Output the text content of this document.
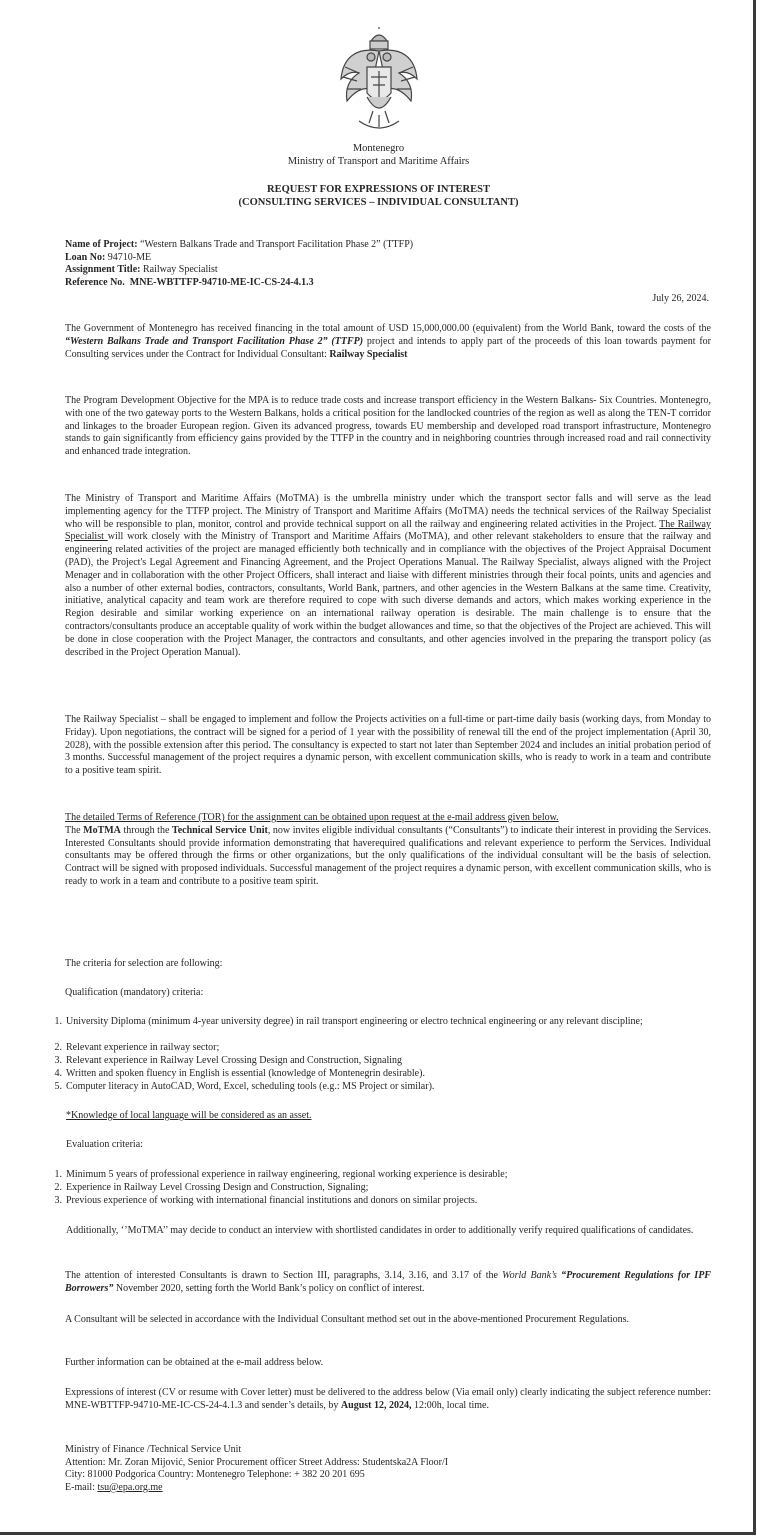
Montenegro
Ministry of Transport and Maritime Affairs
REQUEST FOR EXPRESSIONS OF INTEREST
(CONSULTING SERVICES – INDIVIDUAL CONSULTANT)
Name of Project: “Western Balkans Trade and Transport Facilitation Phase 2” (TTFP)
Loan No: 94710-ME
Assignment Title: Railway Specialist
Reference No. MNE-WBTTFP-94710-ME-IC-CS-24-4.1.3
July 26, 2024.
The Government of Montenegro has received financing in the total amount of USD 15,000,000.00 (equivalent) from the World Bank, toward the costs of the “Western Balkans Trade and Transport Facilitation Phase 2” (TTFP) project and intends to apply part of the proceeds of this loan towards payment for Consulting services under the Contract for Individual Consultant: Railway Specialist
The Program Development Objective for the MPA is to reduce trade costs and increase transport efficiency in the Western Balkans- Six Countries. Montenegro, with one of the two gateway ports to the Western Balkans, holds a critical position for the landlocked countries of the region as well as along the TEN-T corridor and linkages to the broader European region. Given its advanced progress, towards EU membership and developed road transport infrastructure, Montenegro stands to gain significantly from efficiency gains provided by the TTFP in the country and in neighboring countries through increased road and rail connectivity and enhanced trade integration.
The Ministry of Transport and Maritime Affairs (MoTMA) is the umbrella ministry under which the transport sector falls and will serve as the lead implementing agency for the TTFP project. The Ministry of Transport and Maritime Affairs (MoTMA) needs the technical services of the Railway Specialist who will be responsible to plan, monitor, control and provide technical support on all the railway and engineering related activities in the Project. The Railway Specialist will work closely with the Ministry of Transport and Maritime Affairs (MoTMA), and other relevant stakeholders to ensure that the railway and engineering related activities of the project are managed efficiently both technically and in compliance with the objectives of the Project Appraisal Document (PAD), the Project's Legal Agreement and Financing Agreement, and the Project Operations Manual. The Railway Specialist, always aligned with the Project Menager and in collaboration with the other Project Officers, shall interact and liaise with different ministries through their focal points, units and agencies and also a number of other external bodies, contractors, consultants, World Bank, partners, and other agencies in the Western Balkans at the same time. Creativity, initiative, analytical capacity and team work are therefore required to cope with such diverse demands and actors, which makes working experience in the Region desirable and similar working experience on an international railway operation is desirable. The main challenge is to ensure that the contractors/consultants produce an acceptable quality of work within the budget allowances and time, so that the objectives of the Project are achieved. This will be done in close cooperation with the Project Manager, the contractors and consultants, and other agencies involved in the preparing the transport policy (as described in the Project Operation Manual).
The Railway Specialist – shall be engaged to implement and follow the Projects activities on a full-time or part-time daily basis (working days, from Monday to Friday). Upon negotiations, the contract will be signed for a period of 1 year with the possibility of renewal till the end of the project implementation (April 30, 2028), with the possible extension after this period. The consultancy is expected to start not later than September 2024 and includes an initial probation period of 3 months. Successful management of the project requires a dynamic person, with excellent communication skills, who is ready to work in a team and contribute to a positive team spirit.
The detailed Terms of Reference (TOR) for the assignment can be obtained upon request at the e-mail address given below.
The MoTMA through the Technical Service Unit, now invites eligible individual consultants (“Consultants”) to indicate their interest in providing the Services. Interested Consultants should provide information demonstrating that haverequired qualifications and relevant experience to perform the Services. Individual consultants may be offered through the firms or other organizations, but the only qualifications of the individual consultant will be the basis of selection. Contract will be signed with proposed individuals. Successful management of the project requires a dynamic person, with excellent communication skills, who is ready to work in a team and contribute to a positive team spirit.
The criteria for selection are following:
Qualification (mandatory) criteria:
1. University Diploma (minimum 4-year university degree) in rail transport engineering or electro technical engineering or any relevant discipline;
2. Relevant experience in railway sector;
3. Relevant experience in Railway Level Crossing Design and Construction, Signaling
4. Written and spoken fluency in English is essential (knowledge of Montenegrin desirable).
5. Computer literacy in AutoCAD, Word, Excel, scheduling tools (e.g.: MS Project or similar).
*Knowledge of local language will be considered as an asset.
Evaluation criteria:
1. Minimum 5 years of professional experience in railway engineering, regional working experience is desirable;
2. Experience in Railway Level Crossing Design and Construction, Signaling;
3. Previous experience of working with international financial institutions and donors on similar projects.
Additionally, ‘’MoTMA’’ may decide to conduct an interview with shortlisted candidates in order to additionally verify required qualifications of candidates.
The attention of interested Consultants is drawn to Section III, paragraphs, 3.14, 3.16, and 3.17 of the World Bank’s “Procurement Regulations for IPF Borrowers” November 2020, setting forth the World Bank’s policy on conflict of interest.
A Consultant will be selected in accordance with the Individual Consultant method set out in the above-mentioned Procurement Regulations.
Further information can be obtained at the e-mail address below.
Expressions of interest (CV or resume with Cover letter) must be delivered to the address below (Via email only) clearly indicating the subject reference number: MNE-WBTTFP-94710-ME-IC-CS-24-4.1.3 and sender’s details, by August 12, 2024, 12:00h, local time.
Ministry of Finance /Technical Service Unit
Attention: Mr. Zoran Mijović, Senior Procurement officer Street Address: Studentska2A Floor/I
City: 81000 Podgorica Country: Montenegro Telephone: + 382 20 201 695
E-mail: tsu@epa.org.me
